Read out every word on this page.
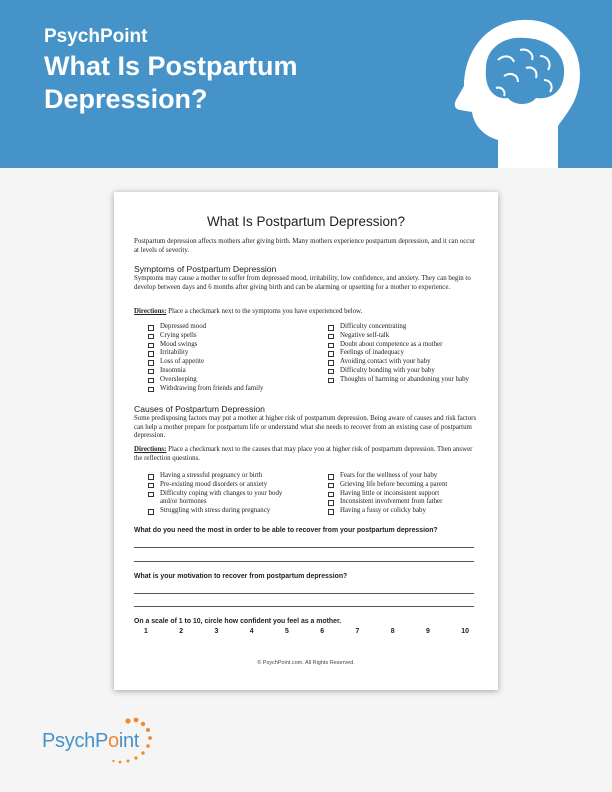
PsychPoint
What Is Postpartum Depression?
What Is Postpartum Depression?
Postpartum depression affects mothers after giving birth. Many mothers experience postpartum depression, and it can occur at levels of severity.
Symptoms of Postpartum Depression
Symptoms may cause a mother to suffer from depressed mood, irritability, low confidence, and anxiety. They can begin to develop between days and 6 months after giving birth and can be alarming or upsetting for a mother to experience.
Directions: Place a checkmark next to the symptoms you have experienced below.
Depressed mood
Crying spells
Mood swings
Irritability
Loss of appetite
Insomnia
Oversleeping
Withdrawing from friends and family
Difficulty concentrating
Negative self-talk
Doubt about competence as a mother
Feelings of inadequacy
Avoiding contact with your baby
Difficulty bonding with your baby
Thoughts of harming or abandoning your baby
Causes of Postpartum Depression
Some predisposing factors may put a mother at higher risk of postpartum depression. Being aware of causes and risk factors can help a mother prepare for postpartum life or understand what she needs to recover from an existing case of postpartum depression.
Directions: Place a checkmark next to the causes that may place you at higher risk of postpartum depression. Then answer the reflection questions.
Having a stressful pregnancy or birth
Pre-existing mood disorders or anxiety
Difficulty coping with changes to your body and/or hormones
Struggling with stress during pregnancy
Fears for the wellness of your baby
Grieving life before becoming a parent
Having little or inconsistent support
Inconsistent involvement from father
Having a fussy or colicky baby
What do you need the most in order to be able to recover from your postpartum depression?
What is your motivation to recover from postpartum depression?
On a scale of 1 to 10, circle how confident you feel as a mother.
1	2	3	4	5	6	7	8	9	10
© PsychPoint.com. All Rights Reserved.
PsychPoint
